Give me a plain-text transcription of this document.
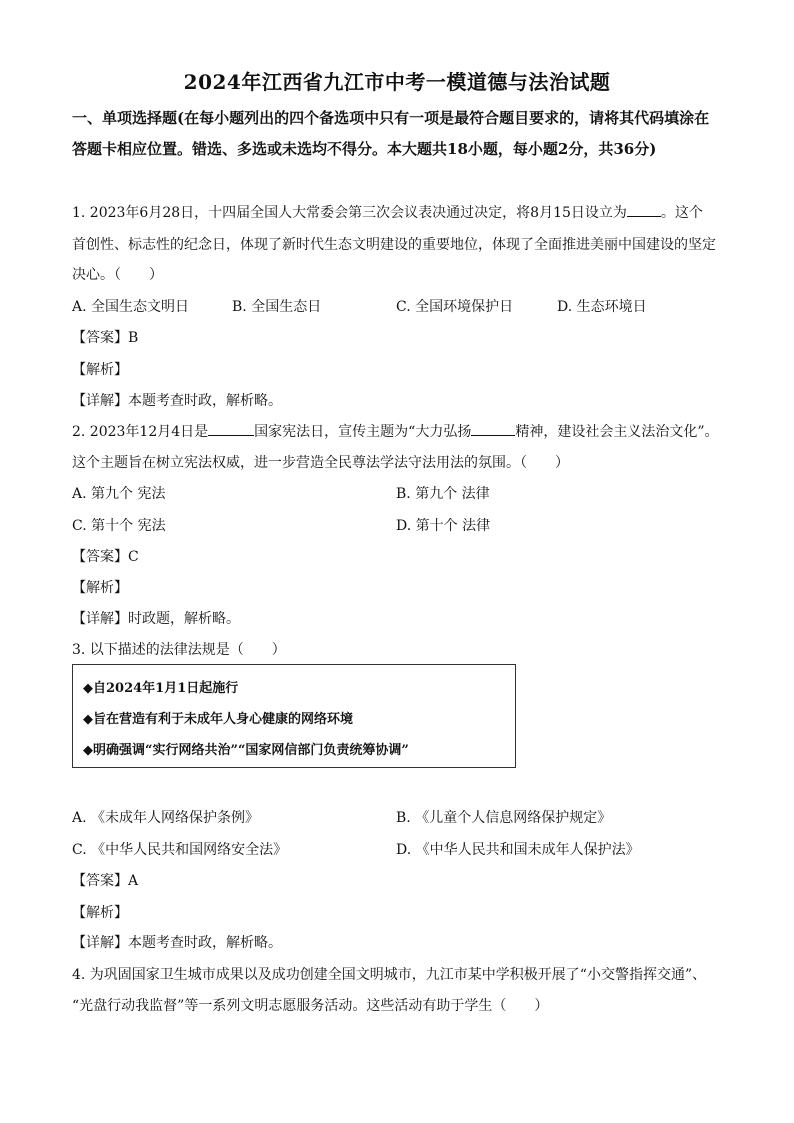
2024年江西省九江市中考一模道德与法治试题
一、单项选择题(在每小题列出的四个备选项中只有一项是最符合题目要求的，请将其代码填涂在答题卡相应位置。错选、多选或未选均不得分。本大题共18小题，每小题2分，共36分)
1. 2023年6月28日，十四届全国人大常委会第三次会议表决通过决定，将8月15日设立为 。这个
首创性、标志性的纪念日，体现了新时代生态文明建设的重要地位，体现了全面推进美丽中国建设的坚定
决心。（　　）
A. 全国生态文明日	B. 全国生态日	C. 全国环境保护日	D. 生态环境日
【答案】B
【解析】
【详解】本题考查时政，解析略。
2. 2023年12月4日是	国家宪法日，宣传主题为“大力弘扬	精神，建设社会主义法治文化”。
这个主题旨在树立宪法权威，进一步营造全民尊法学法守法用法的氛围。（　　）
A. 第九个 宪法	B. 第九个 法律
C. 第十个 宪法	D. 第十个 法律
【答案】C
【解析】
【详解】时政题，解析略。
3. 以下描述的法律法规是（　　）
◆自2024年1月1日起施行
◆旨在营造有利于未成年人身心健康的网络环境
◆明确强调“实行网络共治”“国家网信部门负责统筹协调”
A. 《未成年人网络保护条例》	B. 《儿童个人信息网络保护规定》
C. 《中华人民共和国网络安全法》	D. 《中华人民共和国未成年人保护法》
【答案】A
【解析】
【详解】本题考查时政，解析略。
4. 为巩固国家卫生城市成果以及成功创建全国文明城市，九江市某中学积极开展了“小交警指挥交通”、
“光盘行动我监督”等一系列文明志愿服务活动。这些活动有助于学生（　　）
